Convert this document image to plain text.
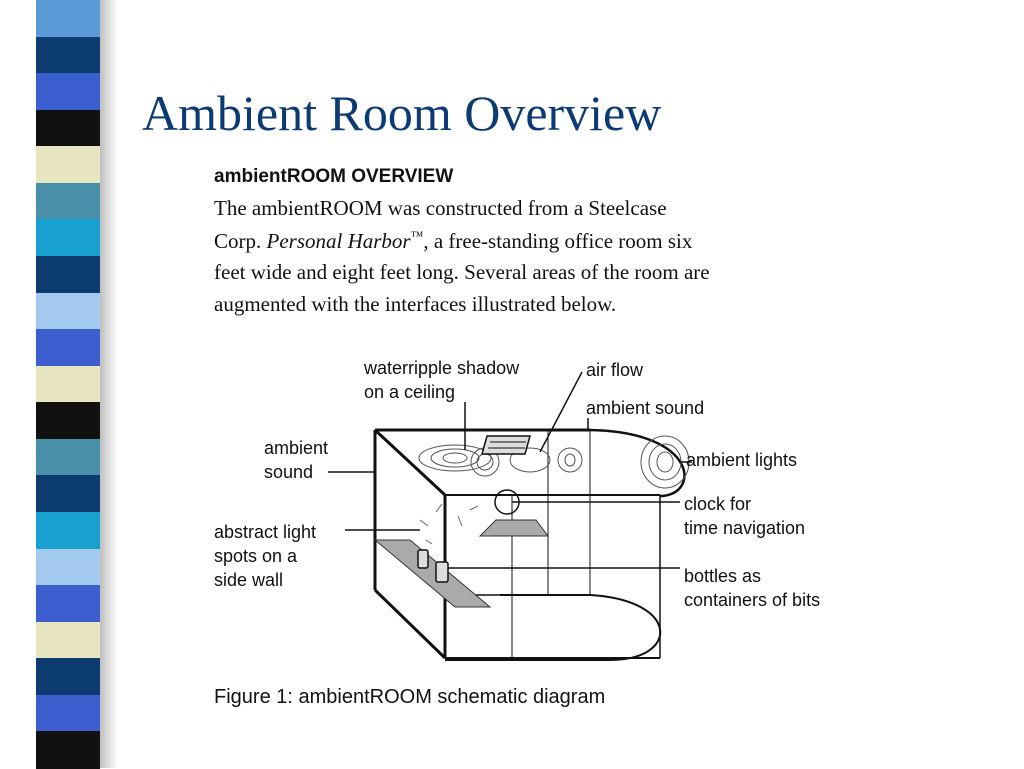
Ambient Room Overview
ambientROOM OVERVIEW
The ambientROOM was constructed from a Steelcase
Corp. Personal Harbor™, a free-standing office room six
feet wide and eight feet long. Several areas of the room are
augmented with the interfaces illustrated below.
waterripple shadow
on a ceiling
air flow
ambient sound
ambient
sound
ambient lights
clock for
time navigation
abstract light
spots on a
side wall	bottles as
containers of bits
Figure 1: ambientROOM schematic diagram
